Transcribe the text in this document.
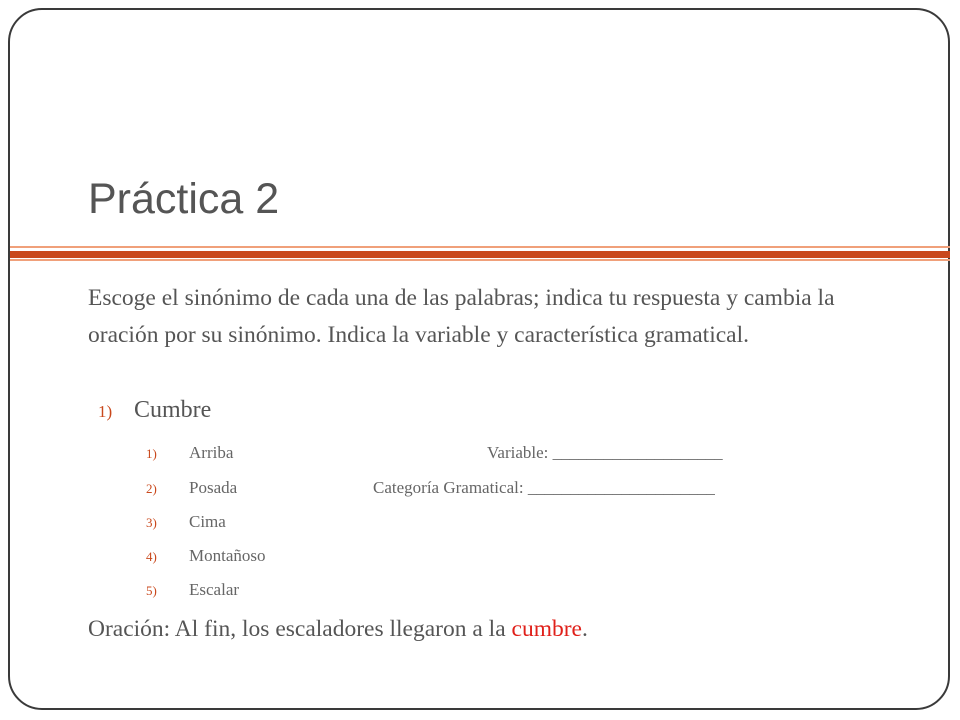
Práctica 2
Escoge el sinónimo de cada una de las palabras; indica tu respuesta y cambia la oración por su sinónimo. Indica la variable y característica gramatical.
1) Cumbre
1) Arriba
2) Posada
3) Cima
4) Montañoso
5) Escalar
Variable: ____________________
Categoría Gramatical: ______________________
Oración: Al fin, los escaladores llegaron a la cumbre.
